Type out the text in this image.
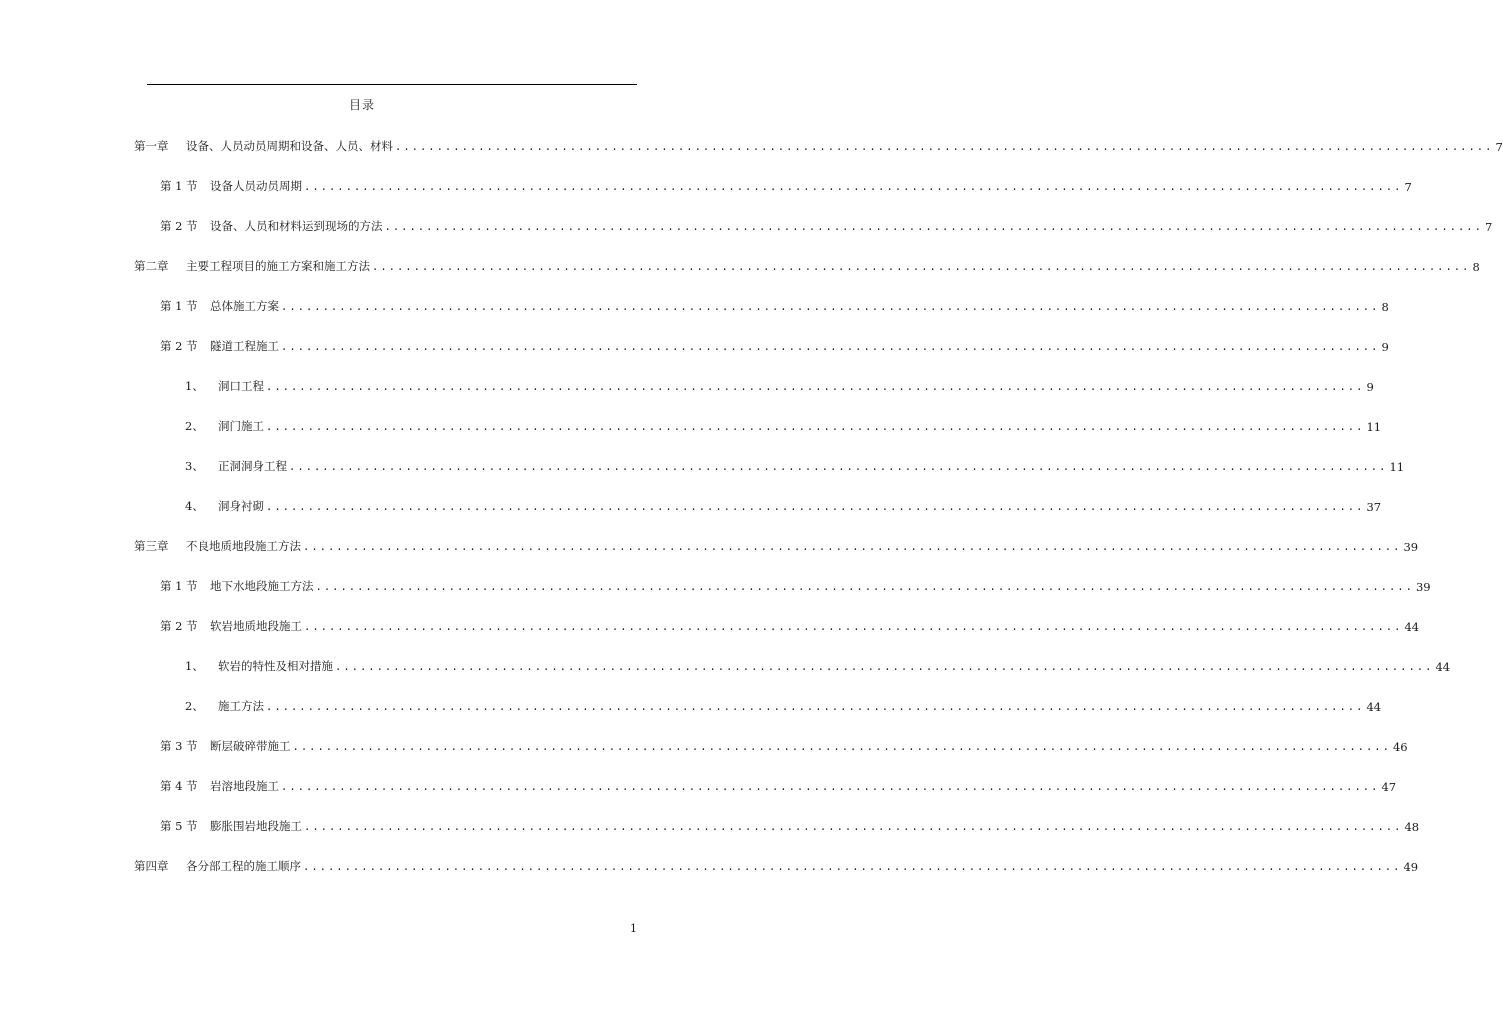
目录
第一章	设备、人员动员周期和设备、人员、材料 .................................................................................................................................... 7
第 1 节	设备人员动员周期 .................................................................................................................................... 7
第 2 节	设备、人员和材料运到现场的方法 .................................................................................................................................... 7
第二章	主要工程项目的施工方案和施工方法 .................................................................................................................................... 8
第 1 节	总体施工方案 .................................................................................................................................... 8
第 2 节	隧道工程施工 .................................................................................................................................... 9
1、	洞口工程 .................................................................................................................................... 9
2、	洞门施工 .................................................................................................................................... 11
3、	正洞洞身工程 .................................................................................................................................... 11
4、	洞身衬砌 .................................................................................................................................... 37
第三章	不良地质地段施工方法 .................................................................................................................................... 39
第 1 节	地下水地段施工方法 .................................................................................................................................... 39
第 2 节	软岩地质地段施工 .................................................................................................................................... 44
1、	软岩的特性及相对措施 .................................................................................................................................... 44
2、	施工方法 .................................................................................................................................... 44
第 3 节	断层破碎带施工 .................................................................................................................................... 46
第 4 节	岩溶地段施工 .................................................................................................................................... 47
第 5 节	膨胀围岩地段施工 .................................................................................................................................... 48
第四章	各分部工程的施工顺序 .................................................................................................................................... 49
1
